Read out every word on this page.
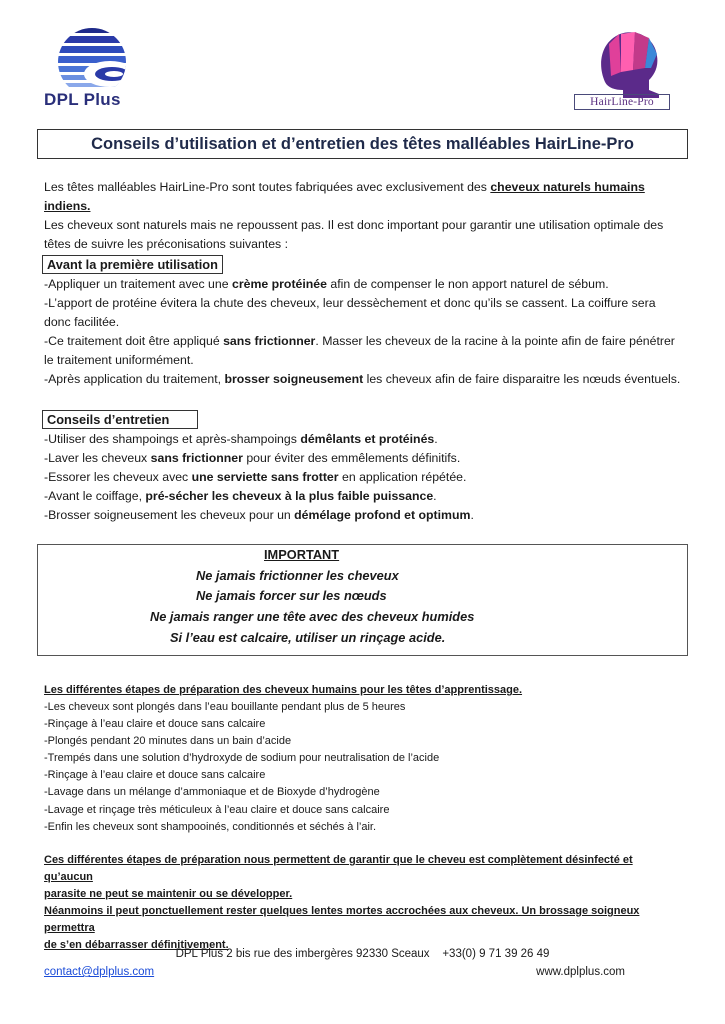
DPL Plus	HairLine-Pro
Conseils d’utilisation et d’entretien des têtes malléables HairLine-Pro
Les têtes malléables HairLine-Pro sont toutes fabriquées avec exclusivement des cheveux naturels humains indiens.
Les cheveux sont naturels mais ne repoussent pas. Il est donc important pour garantir une utilisation optimale des
têtes de suivre les préconisations suivantes :
Avant la première utilisation
-Appliquer un traitement avec une crème protéinée afin de compenser le non apport naturel de sébum.
-L’apport de protéine évitera la chute des cheveux, leur dessèchement et donc qu’ils se cassent. La coiffure sera
donc facilitée.
-Ce traitement doit être appliqué sans frictionner. Masser les cheveux de la racine à la pointe afin de faire pénétrer
le traitement uniformément.
-Après application du traitement, brosser soigneusement les cheveux afin de faire disparaitre les nœuds éventuels.
Conseils d’entretien
-Utiliser des shampoings et après-shampoings démêlants et protéinés.
-Laver les cheveux sans frictionner pour éviter des emmêlements définitifs.
-Essorer les cheveux avec une serviette sans frotter en application répétée.
-Avant le coiffage, pré-sécher les cheveux à la plus faible puissance.
-Brosser soigneusement les cheveux pour un démélage profond et optimum.
IMPORTANT
Ne jamais frictionner les cheveux
Ne jamais forcer sur les nœuds
Ne jamais ranger une tête avec des cheveux humides
Si l’eau est calcaire, utiliser un rinçage acide.
Les différentes étapes de préparation des cheveux humains pour les têtes d’apprentissage.
-Les cheveux sont plongés dans l’eau bouillante pendant plus de 5 heures
-Rinçage à l’eau claire et douce sans calcaire
-Plongés pendant 20 minutes dans un bain d’acide
-Trempés dans une solution d’hydroxyde de sodium pour neutralisation de l’acide
-Rinçage à l’eau claire et douce sans calcaire
-Lavage dans un mélange d’ammoniaque et de Bioxyde d’hydrogène
-Lavage et rinçage très méticuleux à l’eau claire et douce sans calcaire
-Enfin les cheveux sont shampooinés, conditionnés et séchés à l’air.
Ces différentes étapes de préparation nous permettent de garantir que le cheveu est complètement désinfecté et qu’aucun
parasite ne peut se maintenir ou se développer.
Néanmoins il peut ponctuellement rester quelques lentes mortes accrochées aux cheveux. Un brossage soigneux permettra
de s’en débarrasser définitivement.
DPL Plus 2 bis rue des imbergères 92330 Sceaux    +33(0) 9 71 39 26 49
contact@dplplus.com	www.dplplus.com
